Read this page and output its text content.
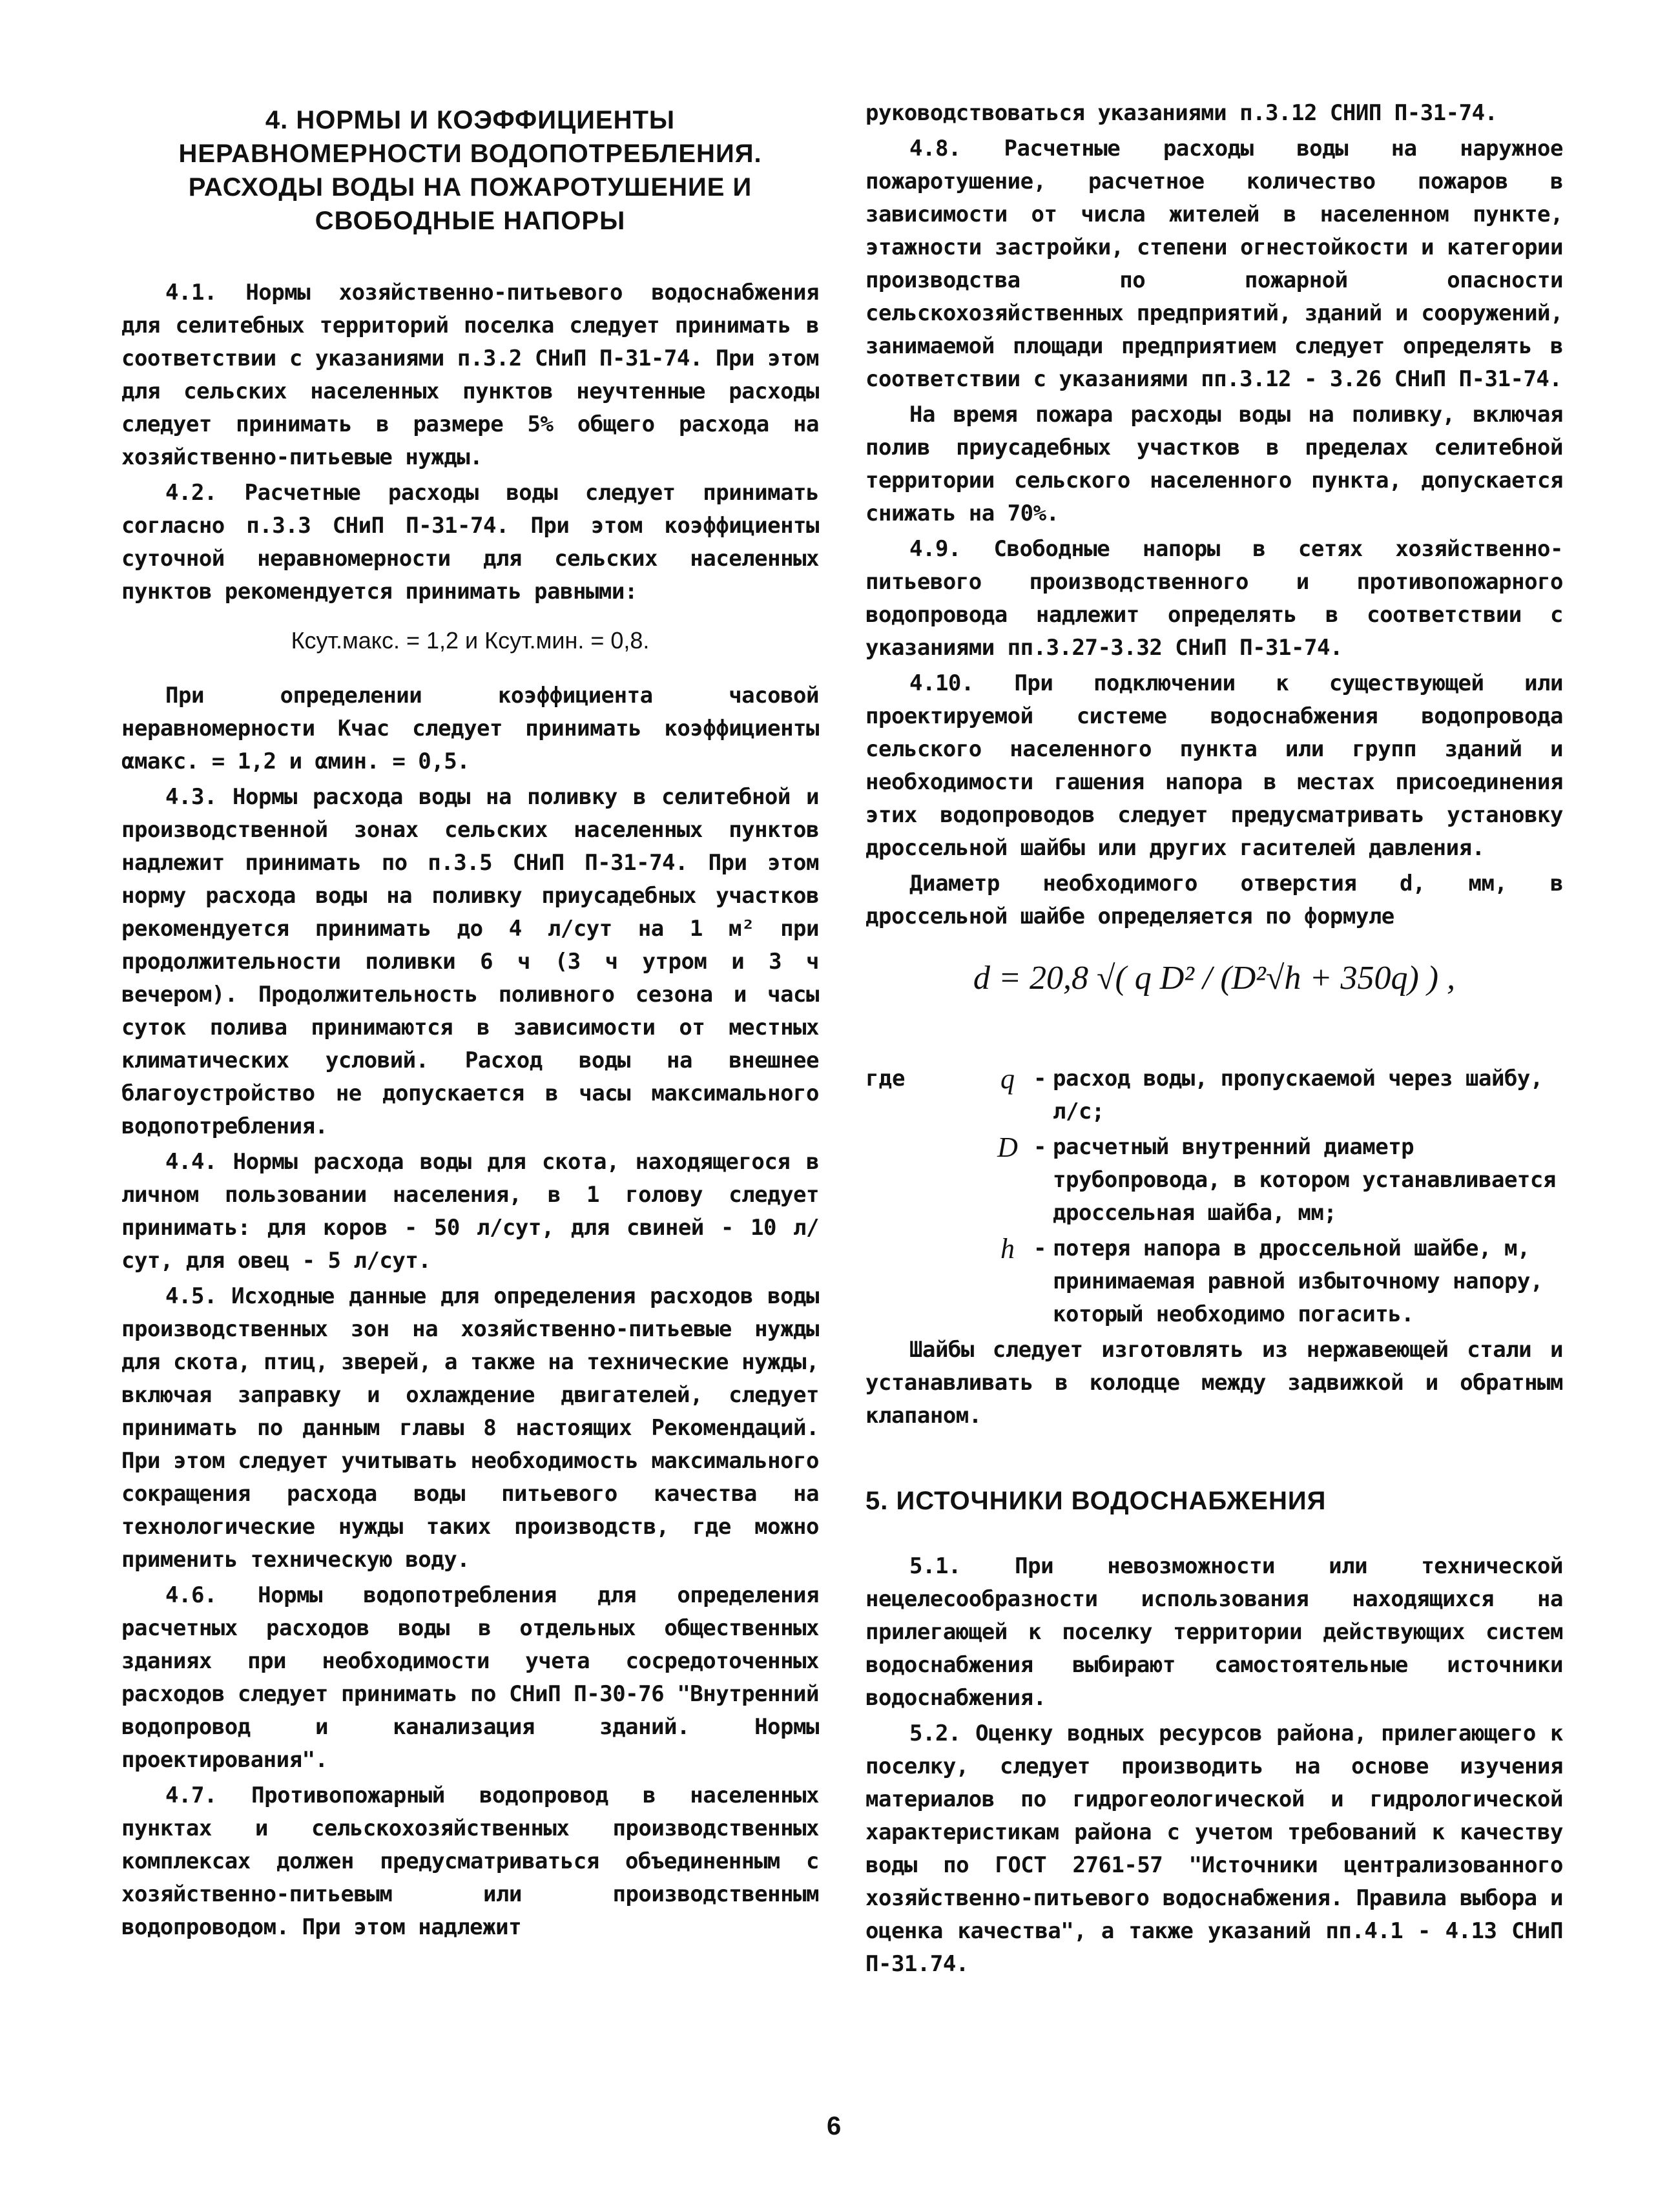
4. НОРМЫ И КОЭФФИЦИЕНТЫ НЕРАВНОМЕРНОСТИ ВОДОПОТРЕБЛЕНИЯ. РАСХОДЫ ВОДЫ НА ПОЖАРОТУШЕНИЕ И СВОБОДНЫЕ НАПОРЫ

4.1. Нормы хозяйственно-питьевого водоснабжения для селитебных территорий поселка следует принимать в соответствии с указаниями п.3.2 СНиП П-31-74. При этом для сельских населенных пунктов неучтенные расходы следует принимать в размере 5% общего расхода на хозяйственно-питьевые нужды.

4.2. Расчетные расходы воды следует принимать согласно п.3.3 СНиП П-31-74. При этом коэффициенты суточной неравномерности для сельских населенных пунктов рекомендуется принимать равными:

Ксут.макс. = 1,2 и Ксут.мин. = 0,8.

При определении коэффициента часовой неравномерности Кчас следует принимать коэффициенты αмакс. = 1,2 и αмин. = 0,5.

4.3. Нормы расхода воды на поливку в селитебной и производственной зонах сельских населенных пунктов надлежит принимать по п.3.5 СНиП П-31-74. При этом норму расхода воды на поливку приусадебных участков рекомендуется принимать до 4 л/сут на 1 м² при продолжительности поливки 6 ч (3 ч утром и 3 ч вечером). Продолжительность поливного сезона и часы суток полива принимаются в зависимости от местных климатических условий. Расход воды на внешнее благоустройство не допускается в часы максимального водопотребления.

4.4. Нормы расхода воды для скота, находящегося в личном пользовании населения, в 1 голову следует принимать: для коров - 50 л/сут, для свиней - 10 л/сут, для овец - 5 л/сут.

4.5. Исходные данные для определения расходов воды производственных зон на хозяйственно-питьевые нужды для скота, птиц, зверей, а также на технические нужды, включая заправку и охлаждение двигателей, следует принимать по данным главы 8 настоящих Рекомендаций. При этом следует учитывать необходимость максимального сокращения расхода воды питьевого качества на технологические нужды таких производств, где можно применить техническую воду.

4.6. Нормы водопотребления для определения расчетных расходов воды в отдельных общественных зданиях при необходимости учета сосредоточенных расходов следует принимать по СНиП П-30-76 "Внутренний водопровод и канализация зданий. Нормы проектирования".

4.7. Противопожарный водопровод в населенных пунктах и сельскохозяйственных производственных комплексах должен предусматриваться объединенным с хозяйственно-питьевым или производственным водопроводом. При этом надлежит

руководствоваться указаниями п.3.12 СНИП П-31-74.

4.8. Расчетные расходы воды на наружное пожаротушение, расчетное количество пожаров в зависимости от числа жителей в населенном пункте, этажности застройки, степени огнестойкости и категории производства по пожарной опасности сельскохозяйственных предприятий, зданий и сооружений, занимаемой площади предприятием следует определять в соответствии с указаниями пп.3.12 - 3.26 СНиП П-31-74.

На время пожара расходы воды на поливку, включая полив приусадебных участков в пределах селитебной территории сельского населенного пункта, допускается снижать на 70%.

4.9. Свободные напоры в сетях хозяйственно-питьевого производственного и противопожарного водопровода надлежит определять в соответствии с указаниями пп.3.27-3.32 СНиП П-31-74.

4.10. При подключении к существующей или проектируемой системе водоснабжения водопровода сельского населенного пункта или групп зданий и необходимости гашения напора в местах присоединения этих водопроводов следует предусматривать установку дроссельной шайбы или других гасителей давления.

Диаметр необходимого отверстия d, мм, в дроссельной шайбе определяется по формуле

d = 20,8 √( q D² / (D²√h + 350q) ) ,
где	q - расход воды, пропускаемой через шайбу, л/с;
D - расчетный внутренний диаметр трубопровода, в котором устанавливается дроссельная шайба, мм;
h - потеря напора в дроссельной шайбе, м, принимаемая равной избыточному напору, который необходимо погасить.

Шайбы следует изготовлять из нержавеющей стали и устанавливать в колодце между задвижкой и обратным клапаном.

5. ИСТОЧНИКИ ВОДОСНАБЖЕНИЯ

5.1. При невозможности или технической нецелесообразности использования находящихся на прилегающей к поселку территории действующих систем водоснабжения выбирают самостоятельные источники водоснабжения.

5.2. Оценку водных ресурсов района, прилегающего к поселку, следует производить на основе изучения материалов по гидрогеологической и гидрологической характеристикам района с учетом требований к качеству воды по ГОСТ 2761-57 "Источники централизованного хозяйственно-питьевого водоснабжения. Правила выбора и оценка качества", а также указаний пп.4.1 - 4.13 СНиП П-31.74.

6
